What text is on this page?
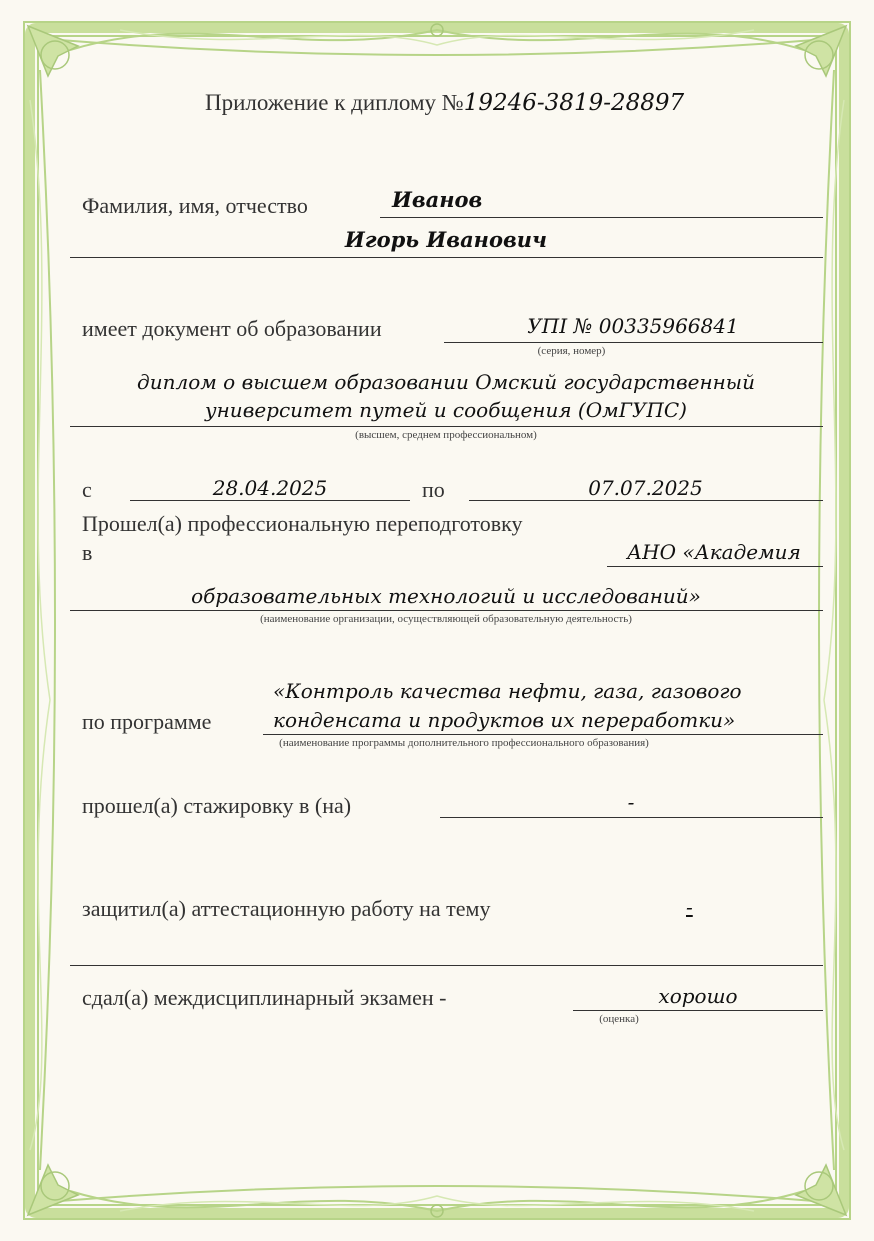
Приложение к диплому №19246-3819-28897
Фамилия, имя, отчество	Иванов
Игорь Иванович
имеет документ об образовании	УПІ № 00335966841
(серия, номер)
диплом о высшем образовании Омский государственный
университет путей и сообщения (ОмГУПС)
(высшем, среднем профессиональном)
с	28.04.2025	по	07.07.2025
Прошел(а) профессиональную переподготовку
в	АНО «Академия
образовательных технологий и исследований»
(наименование организации, осуществляющей образовательную деятельность)
«Контроль качества нефти, газа, газового
по программе	конденсата и продуктов их переработки»
(наименование программы дополнительного профессионального образования)
прошел(а) стажировку в (на)	-
защитил(а) аттестационную работу на тему	-
сдал(а) междисциплинарный экзамен -	хорошо
(оценка)
